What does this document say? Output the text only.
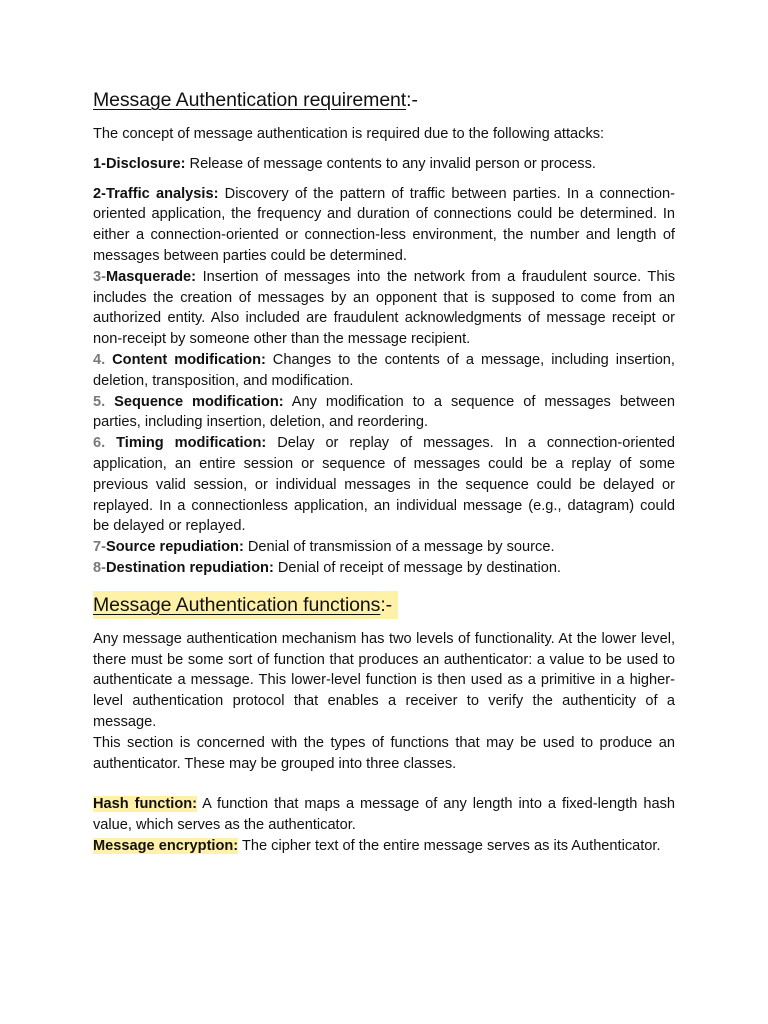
Message Authentication requirement:-

The concept of message authentication is required due to the following attacks:

1-Disclosure: Release of message contents to any invalid person or process.

2-Traffic analysis: Discovery of the pattern of traffic between parties. In a connection-oriented application, the frequency and duration of connections could be determined. In either a connection-oriented or connection-less environment, the number and length of messages between parties could be determined.

3-Masquerade: Insertion of messages into the network from a fraudulent source. This includes the creation of messages by an opponent that is supposed to come from an authorized entity. Also included are fraudulent acknowledgments of message receipt or non-receipt by someone other than the message recipient.

4. Content modification: Changes to the contents of a message, including insertion, deletion, transposition, and modification.

5. Sequence modification: Any modification to a sequence of messages between parties, including insertion, deletion, and reordering.

6. Timing modification: Delay or replay of messages. In a connection-oriented application, an entire session or sequence of messages could be a replay of some previous valid session, or individual messages in the sequence could be delayed or replayed. In a connectionless application, an individual message (e.g., datagram) could be delayed or replayed.

7-Source repudiation: Denial of transmission of a message by source.

8-Destination repudiation: Denial of receipt of message by destination.

Message Authentication functions:-

Any message authentication mechanism has two levels of functionality. At the lower level, there must be some sort of function that produces an authenticator: a value to be used to authenticate a message. This lower-level function is then used as a primitive in a higher-level authentication protocol that enables a receiver to verify the authenticity of a message.

This section is concerned with the types of functions that may be used to produce an authenticator. These may be grouped into three classes.

Hash function: A function that maps a message of any length into a fixed-length hash value, which serves as the authenticator.

Message encryption: The cipher text of the entire message serves as its Authenticator.
